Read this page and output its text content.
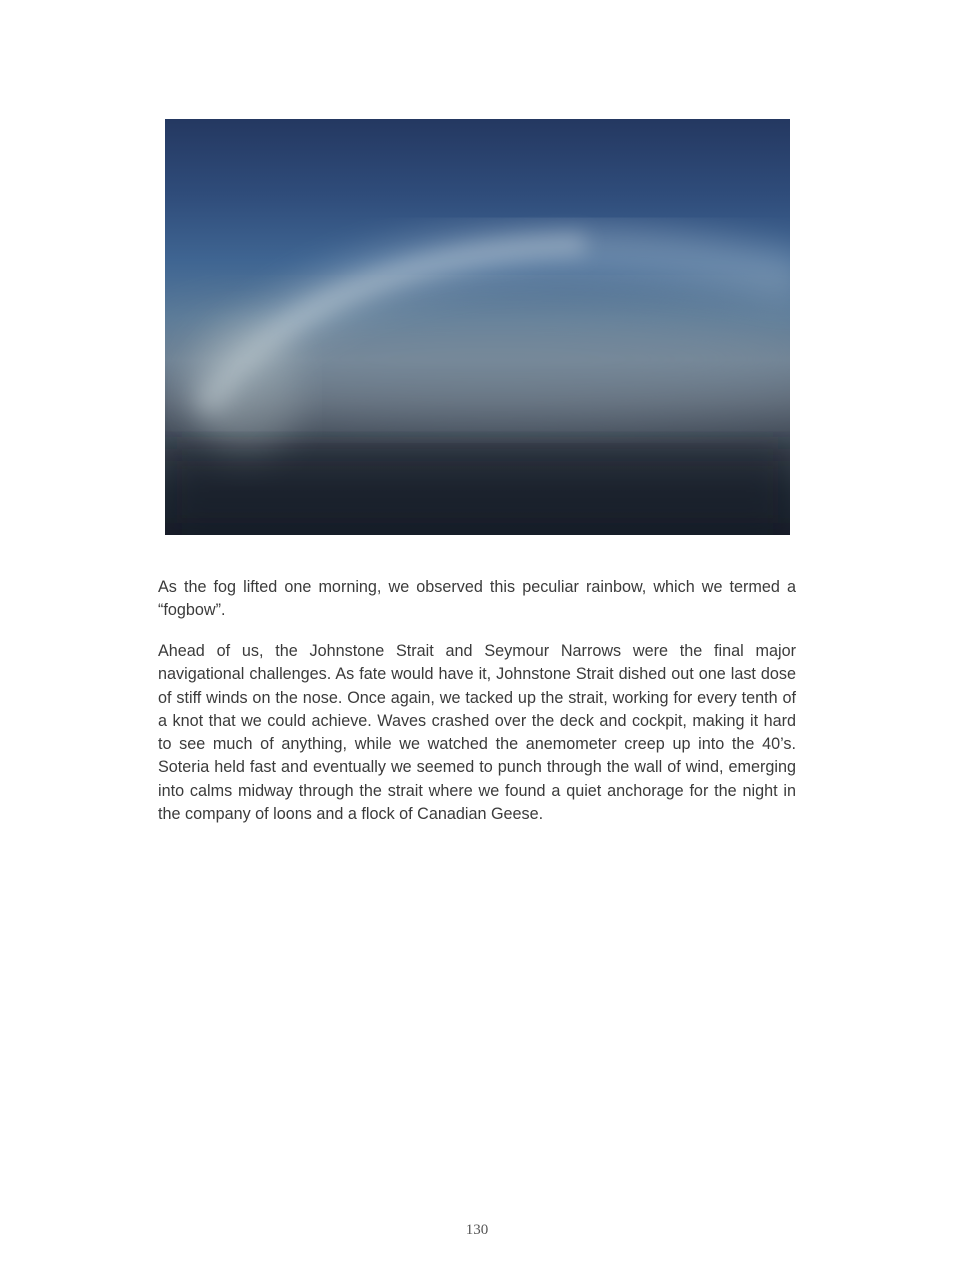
As the fog lifted one morning, we observed this peculiar rainbow, which we termed a “fogbow”.

Ahead of us, the Johnstone Strait and Seymour Narrows were the final major navigational challenges. As fate would have it, Johnstone Strait dished out one last dose of stiff winds on the nose. Once again, we tacked up the strait, working for every tenth of a knot that we could achieve. Waves crashed over the deck and cockpit, making it hard to see much of anything, while we watched the anemometer creep up into the 40’s. Soteria held fast and eventually we seemed to punch through the wall of wind, emerging into calms midway through the strait where we found a quiet anchorage for the night in the company of loons and a flock of Canadian Geese.

130
